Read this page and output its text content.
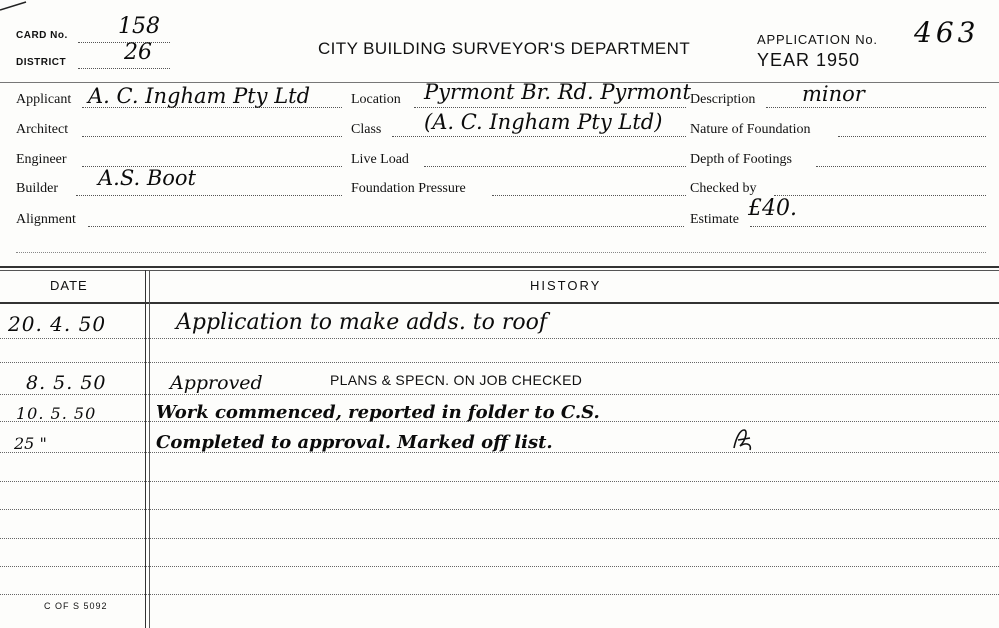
CARD No. 158
DISTRICT	26	CITY BUILDING SURVEYOR'S DEPARTMENT	APPLICATION No. 463
YEAR 1950
Applicant A. C. Ingham Pty Ltd
Architect
Engineer
Builder A.S. Boot
Alignment
Location Pyrmont Br. Rd. Pyrmont
Class (A. C. Ingham Pty Ltd)
Live Load
Foundation Pressure
Description minor
Nature of Foundation
Depth of Footings
Checked by
Estimate £40.
DATE	HISTORY
20. 4. 50	Application to make adds. to roof
8. 5. 50	Approved	PLANS & SPECN. ON JOB CHECKED
10. 5. 50	Work commenced, reported in folder to C.S.
25 "	Completed to approval. Marked off list.
C OF S 5092
